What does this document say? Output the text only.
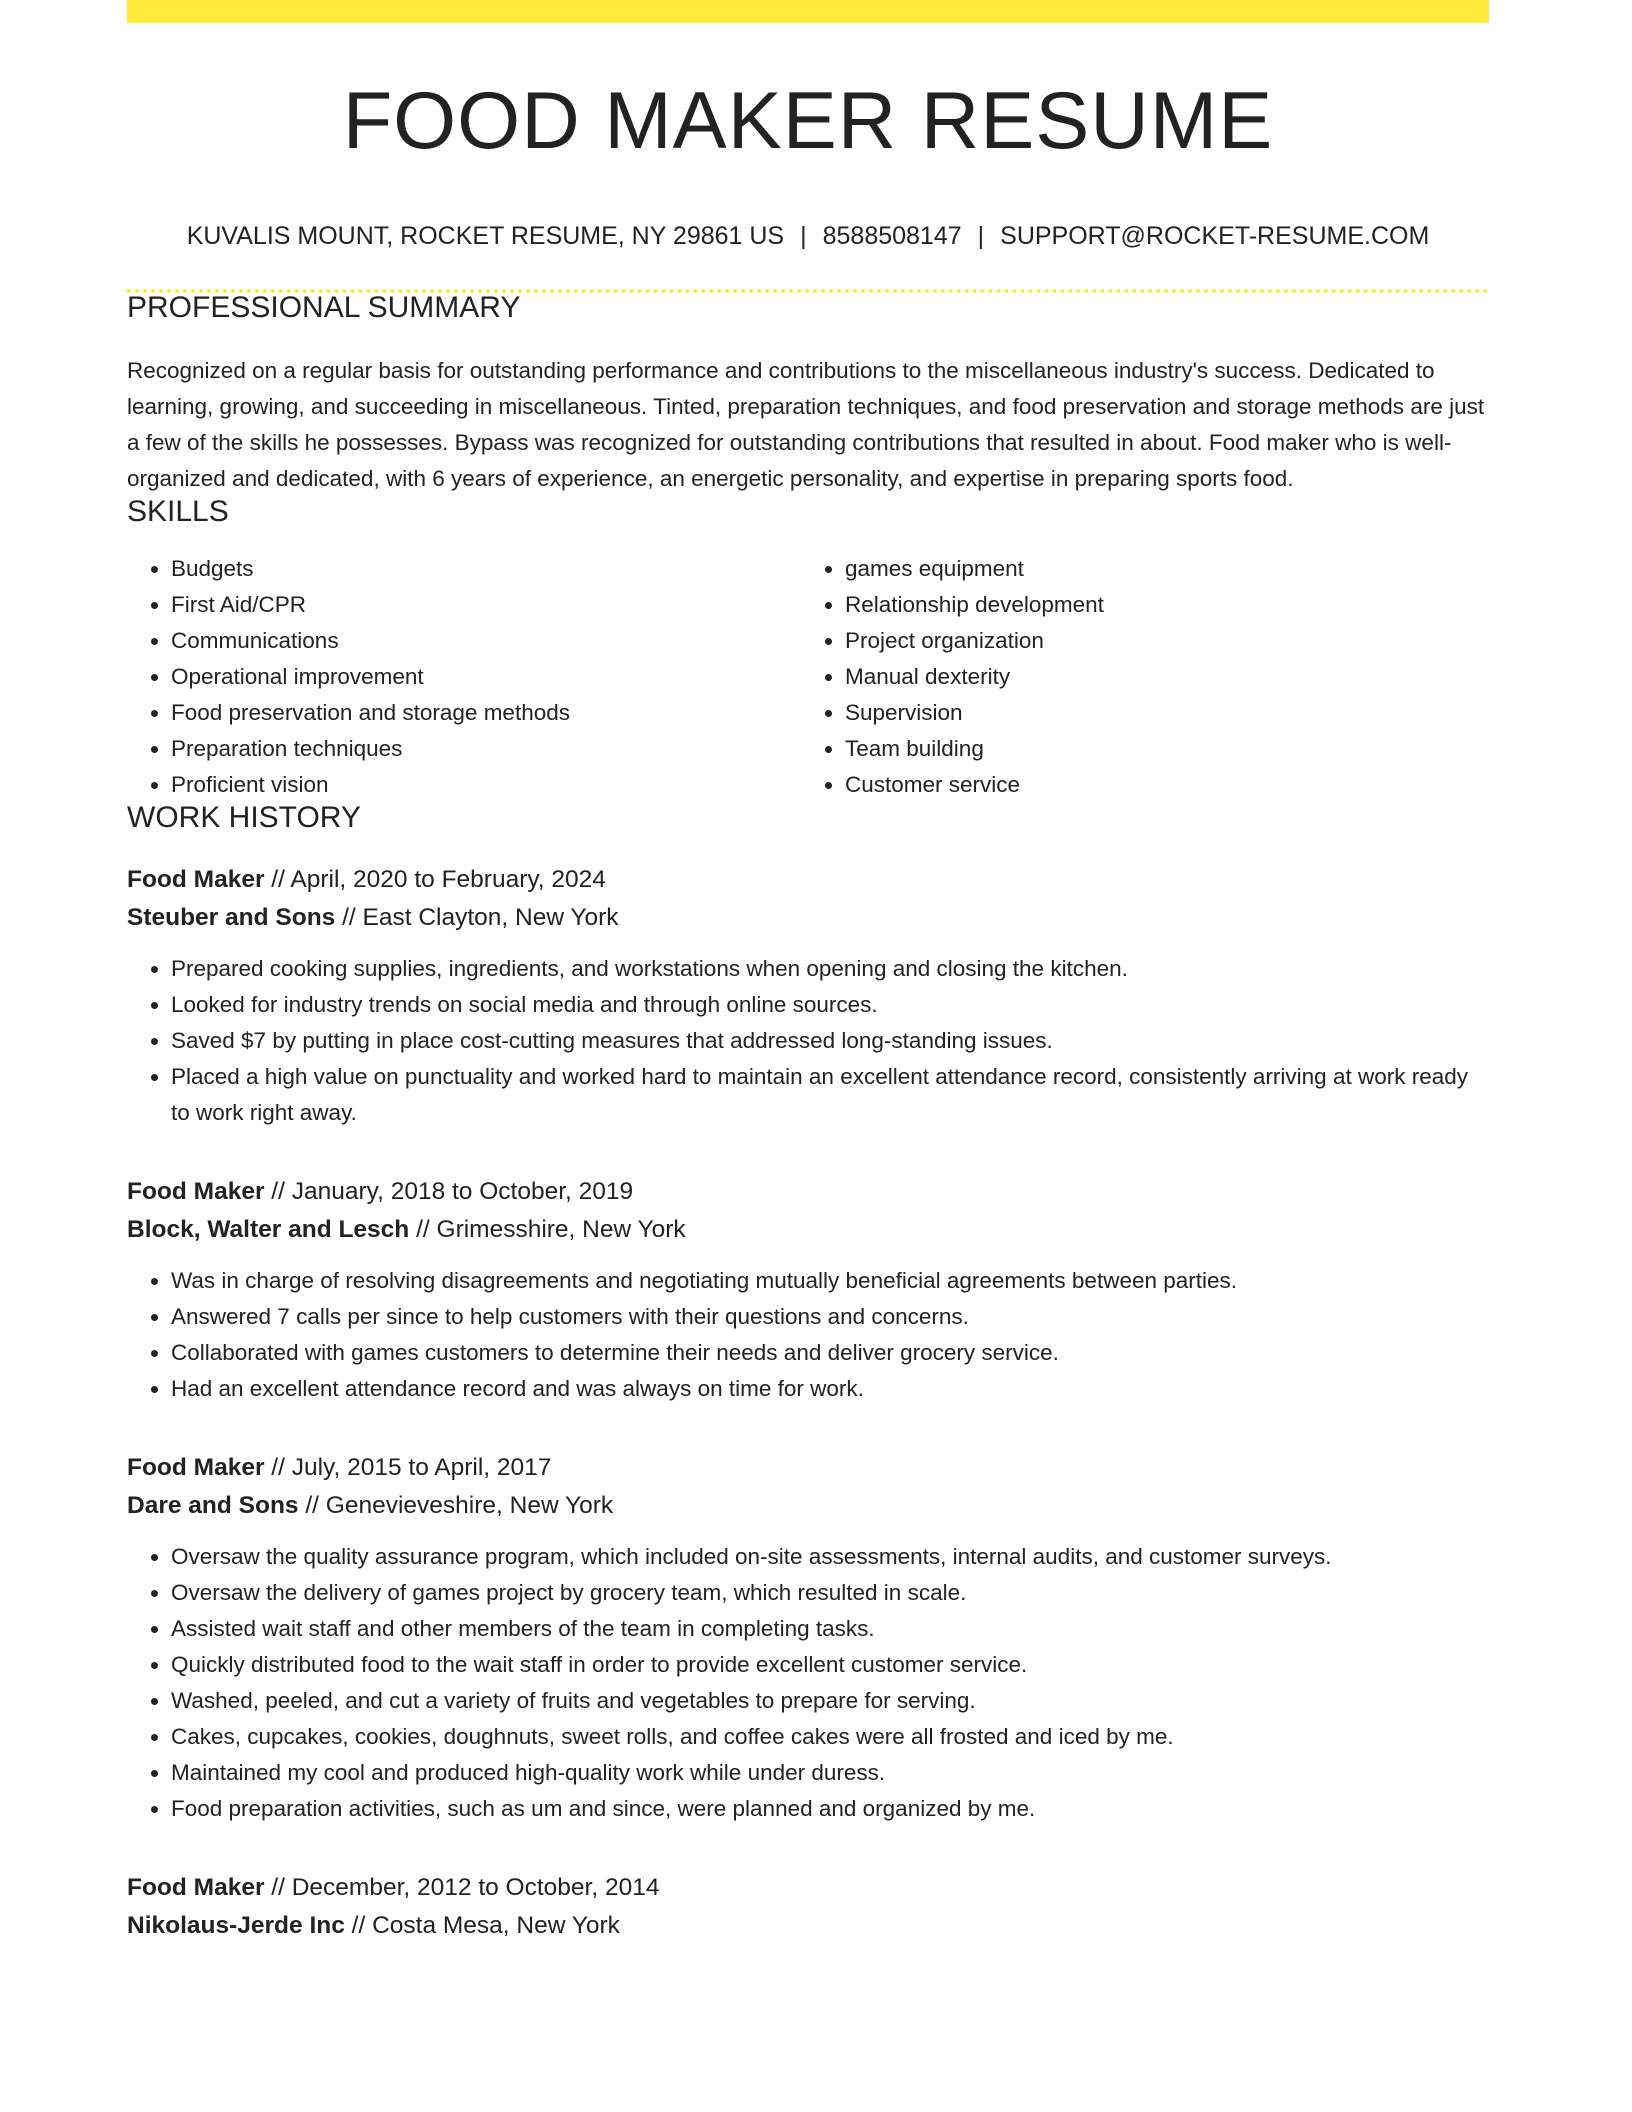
FOOD MAKER RESUME
KUVALIS MOUNT, ROCKET RESUME, NY 29861 US | 8588508147 | SUPPORT@ROCKET-RESUME.COM
PROFESSIONAL SUMMARY

Recognized on a regular basis for outstanding performance and contributions to the miscellaneous industry's success. Dedicated to learning, growing, and succeeding in miscellaneous. Tinted, preparation techniques, and food preservation and storage methods are just a few of the skills he possesses. Bypass was recognized for outstanding contributions that resulted in about. Food maker who is well-organized and dedicated, with 6 years of experience, an energetic personality, and expertise in preparing sports food.

SKILLS
• Budgets
• First Aid/CPR
• Communications
• Operational improvement
• Food preservation and storage methods
• Preparation techniques
• Proficient vision
• games equipment
• Relationship development
• Project organization
• Manual dexterity
• Supervision
• Team building
• Customer service
WORK HISTORY
Food Maker // April, 2020 to February, 2024
Steuber and Sons // East Clayton, New York
• Prepared cooking supplies, ingredients, and workstations when opening and closing the kitchen.
• Looked for industry trends on social media and through online sources.
• Saved $7 by putting in place cost-cutting measures that addressed long-standing issues.
• Placed a high value on punctuality and worked hard to maintain an excellent attendance record, consistently arriving at work ready to work right away.
Food Maker // January, 2018 to October, 2019
Block, Walter and Lesch // Grimesshire, New York
• Was in charge of resolving disagreements and negotiating mutually beneficial agreements between parties.
• Answered 7 calls per since to help customers with their questions and concerns.
• Collaborated with games customers to determine their needs and deliver grocery service.
• Had an excellent attendance record and was always on time for work.
Food Maker // July, 2015 to April, 2017
Dare and Sons // Genevieveshire, New York
• Oversaw the quality assurance program, which included on-site assessments, internal audits, and customer surveys.
• Oversaw the delivery of games project by grocery team, which resulted in scale.
• Assisted wait staff and other members of the team in completing tasks.
• Quickly distributed food to the wait staff in order to provide excellent customer service.
• Washed, peeled, and cut a variety of fruits and vegetables to prepare for serving.
• Cakes, cupcakes, cookies, doughnuts, sweet rolls, and coffee cakes were all frosted and iced by me.
• Maintained my cool and produced high-quality work while under duress.
• Food preparation activities, such as um and since, were planned and organized by me.
Food Maker // December, 2012 to October, 2014
Nikolaus-Jerde Inc // Costa Mesa, New York
